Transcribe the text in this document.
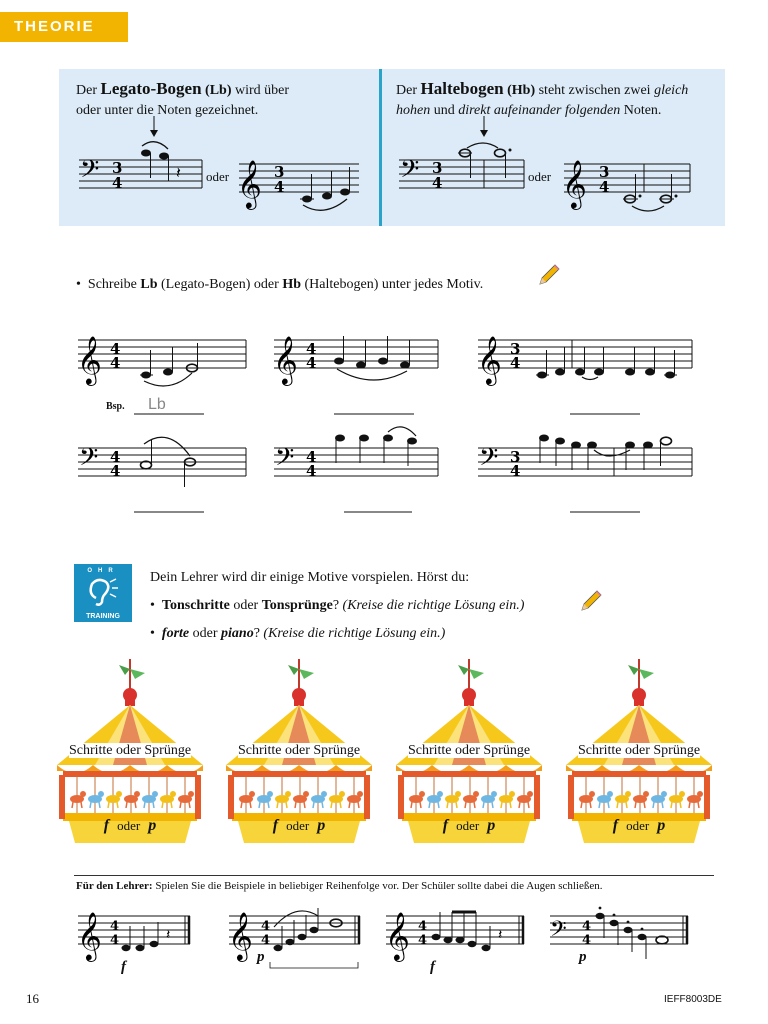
THEORIE
Der Legato-Bogen (Lb) wird über
oder unter die Noten gezeichnet.
Der Haltebogen (Hb) steht zwischen zwei gleich
hohen und direkt aufeinander folgenden Noten.
oder	oder
𝄢 3
4
𝄽 𝄞 3
4	𝄢 3
4	𝄞 3
4
• Schreibe Lb (Legato-Bogen) oder Hb (Haltebogen) unter jedes Motiv.
𝄞 4
4	𝄞 4
4	𝄞 3
4
𝄢 4
4	𝄢 4
4	𝄢 3
4
Bsp. Lb
OHR
TRAINING
Dein Lehrer wird dir einige Motive vorspielen. Hörst du:
•  Tonschritte oder Tonsprünge? (Kreise die richtige Lösung ein.)
•  forte oder piano? (Kreise die richtige Lösung ein.)
Schritte oder Sprünge
f oder p
Schritte oder Sprünge
f oder p
Schritte oder Sprünge
f oder p
Schritte oder Sprünge
f oder p
Für den Lehrer: Spielen Sie die Beispiele in beliebiger Reihenfolge vor. Der Schüler sollte dabei die Augen schließen.
𝄞 4
4	𝄽 𝄞 4
4	𝄞 4
4	𝄽 𝄢 4
4
f
p
f
p
16	IEFF8003DE
